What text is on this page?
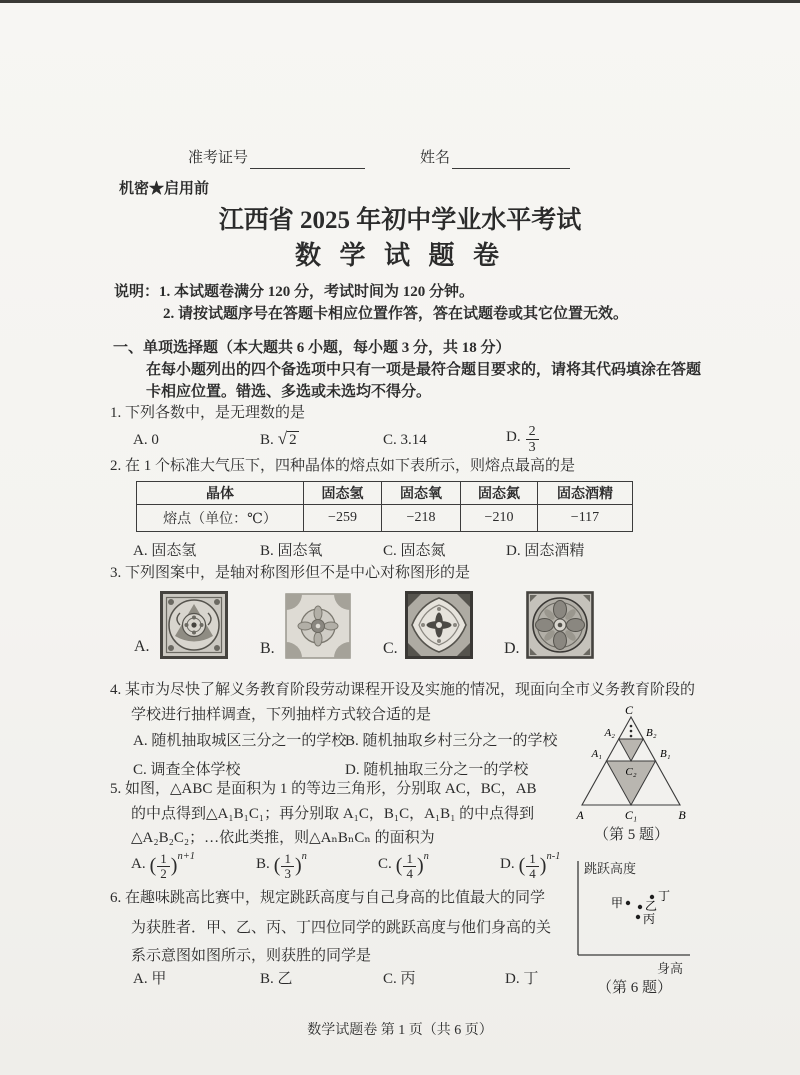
准考证号	姓名
机密★启用前
江西省 2025 年初中学业水平考试
数 学 试 题 卷
说明：1. 本试题卷满分 120 分，考试时间为 120 分钟。
2. 请按试题序号在答题卡相应位置作答，答在试题卷或其它位置无效。
一、单项选择题（本大题共 6 小题，每小题 3 分，共 18 分）
在每小题列出的四个备选项中只有一项是最符合题目要求的，请将其代码填涂在答题
卡相应位置。错选、多选或未选均不得分。
1. 下列各数中，是无理数的是
A. 0	B. √ 2	C. 3.14	D. $\frac{2}{3}$
2. 在 1 个标准大气压下，四种晶体的熔点如下表所示，则熔点最高的是
晶体	固态氢	固态氧	固态氮	固态酒精
熔点（单位：℃）	−259	−218	−210	−117
A. 固态氢	B. 固态氧	C. 固态氮	D. 固态酒精
3. 下列图案中，是轴对称图形但不是中心对称图形的是
A.	B.	C.	D.
4. 某市为尽快了解义务教育阶段劳动课程开设及实施的情况，现面向全市义务教育阶段的
学校进行抽样调查，下列抽样方式较合适的是
A. 随机抽取城区三分之一的学校
B. 随机抽取乡村三分之一的学校
C. 调查全体学校	D. 随机抽取三分之一的学校
C
A₂	B₂
A₁	B₁
C₂
A	C₁	B
（第 5 题）
5. 如图，△ABC 是面积为 1 的等边三角形，分别取 AC，BC，AB
的中点得到△A₁B₁C₁；再分别取 A₁C，B₁C，A₁B₁ 的中点得到
△A₂B₂C₂；…依此类推，则△AₙBₙCₙ 的面积为
A. ( $\frac{1}{2} )^{n+1}$	B. ( $\frac{1}{3} )^n$	C. ( $\frac{1}{4} )^n$	D. ( $\frac{1}{4} )^{n-1}$
6. 在趣味跳高比赛中，规定跳跃高度与自己身高的比值最大的同学
为获胜者．甲、乙、丙、丁四位同学的跳跃高度与他们身高的关
系示意图如图所示，则获胜的同学是
A. 甲	B. 乙	C. 丙	D. 丁
甲 乙
丙
丁
跳跃高度
身高
（第 6 题）
数学试题卷 第 1 页（共 6 页）
